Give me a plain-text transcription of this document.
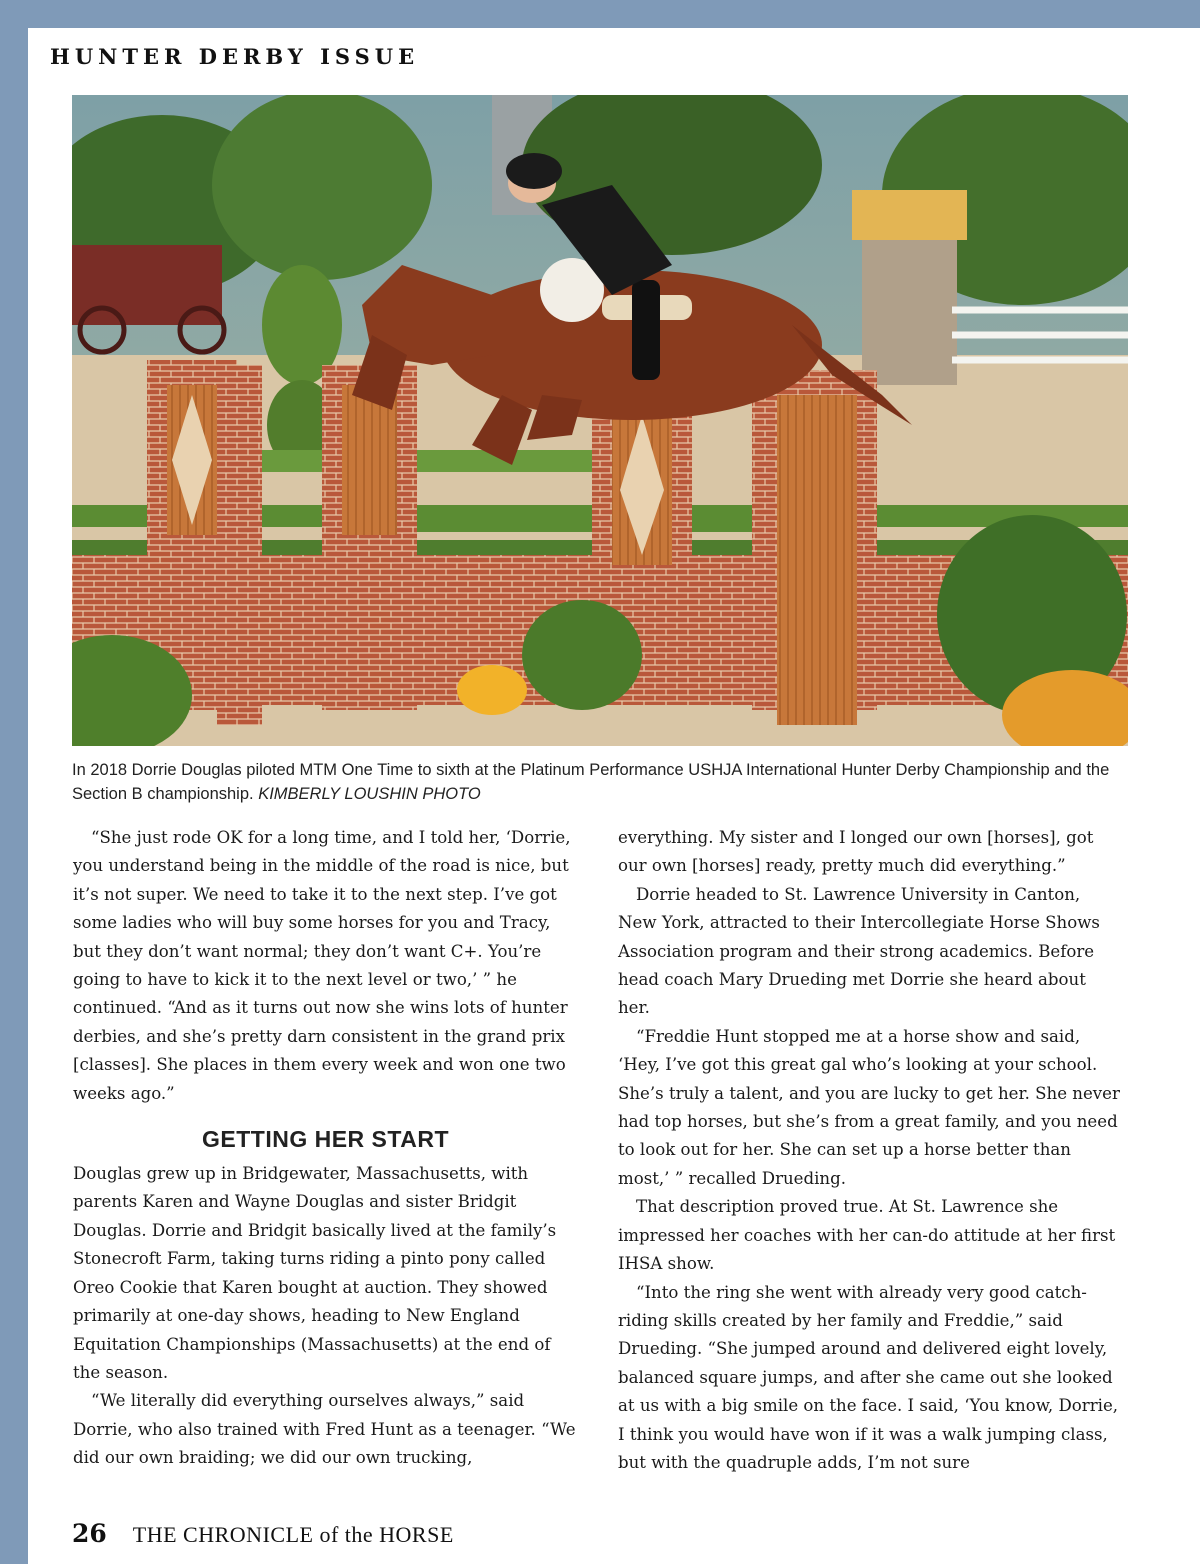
HUNTER DERBY ISSUE
In 2018 Dorrie Douglas piloted MTM One Time to sixth at the Platinum Performance USHJA International Hunter Derby Championship and the Section B championship. KIMBERLY LOUSHIN PHOTO

“She just rode OK for a long time, and I told her, ‘Dorrie, you understand being in the middle of the road is nice, but it’s not super. We need to take it to the next step. I’ve got some ladies who will buy some horses for you and Tracy, but they don’t want normal; they don’t want C+. You’re going to have to kick it to the next level or two,’ ” he continued. “And as it turns out now she wins lots of hunter derbies, and she’s pretty darn consistent in the grand prix [classes]. She places in them every week and won one two weeks ago.”

GETTING HER START

Douglas grew up in Bridgewater, Massachusetts, with parents Karen and Wayne Douglas and sister Bridgit Douglas. Dorrie and Bridgit basically lived at the family’s Stonecroft Farm, taking turns riding a pinto pony called Oreo Cookie that Karen bought at auction. They showed primarily at one-day shows, heading to New England Equitation Championships (Massachusetts) at the end of the season.

“We literally did everything ourselves always,” said Dorrie, who also trained with Fred Hunt as a teenager. “We did our own braiding; we did our own trucking,

everything. My sister and I longed our own [horses], got our own [horses] ready, pretty much did everything.”

Dorrie headed to St. Lawrence University in Canton, New York, attracted to their Intercollegiate Horse Shows Association program and their strong academics. Before head coach Mary Drueding met Dorrie she heard about her.

“Freddie Hunt stopped me at a horse show and said, ‘Hey, I’ve got this great gal who’s looking at your school. She’s truly a talent, and you are lucky to get her. She never had top horses, but she’s from a great family, and you need to look out for her. She can set up a horse better than most,’ ” recalled Drueding.

That description proved true. At St. Lawrence she impressed her coaches with her can-do attitude at her first IHSA show.

“Into the ring she went with already very good catch-riding skills created by her family and Freddie,” said Drueding. “She jumped around and delivered eight lovely, balanced square jumps, and after she came out she looked at us with a big smile on the face. I said, ‘You know, Dorrie, I think you would have won if it was a walk jumping class, but with the quadruple adds, I’m not sure

26 THE CHRONICLE of the HORSE
